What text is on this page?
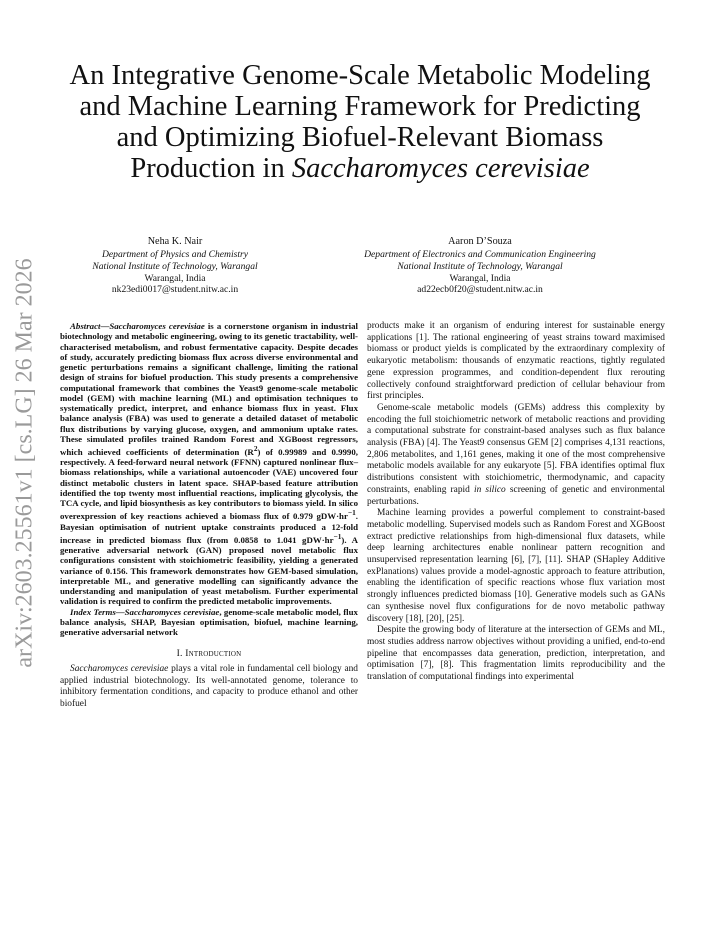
arXiv:2603.25561v1 [cs.LG] 26 Mar 2026
An Integrative Genome-Scale Metabolic Modeling
and Machine Learning Framework for Predicting
and Optimizing Biofuel-Relevant Biomass
Production in Saccharomyces cerevisiae
Neha K. Nair
Department of Physics and Chemistry
National Institute of Technology, Warangal
Warangal, India
nk23edi0017@student.nitw.ac.in
Aaron D’Souza
Department of Electronics and Communication Engineering
National Institute of Technology, Warangal
Warangal, India
ad22ecb0f20@student.nitw.ac.in

Abstract—Saccharomyces cerevisiae is a cornerstone organism in industrial biotechnology and metabolic engineering, owing to its genetic tractability, well-characterised metabolism, and robust fermentative capacity. Despite decades of study, accurately predicting biomass flux across diverse environmental and genetic perturbations remains a significant challenge, limiting the rational design of strains for biofuel production. This study presents a comprehensive computational framework that combines the Yeast9 genome-scale metabolic model (GEM) with machine learning (ML) and optimisation techniques to systematically predict, interpret, and enhance biomass flux in yeast. Flux balance analysis (FBA) was used to generate a detailed dataset of metabolic flux distributions by varying glucose, oxygen, and ammonium uptake rates. These simulated profiles trained Random Forest and XGBoost regressors, which achieved coefficients of determination $(R^2)$ of 0.99989 and 0.9990, respectively. A feed-forward neural network (FFNN) captured nonlinear flux–biomass relationships, while a variational autoencoder (VAE) uncovered four distinct metabolic clusters in latent space. SHAP-based feature attribution identified the top twenty most influential reactions, implicating glycolysis, the TCA cycle, and lipid biosynthesis as key contributors to biomass yield. In silico overexpression of key reactions achieved a biomass flux of 0.979 $gDW\cdot hr^{-1}$. Bayesian optimisation of nutrient uptake constraints produced a 12-fold increase in predicted biomass flux (from 0.0858 to 1.041 $gDW\cdot hr^{-1}$). A generative adversarial network (GAN) proposed novel metabolic flux configurations consistent with stoichiometric feasibility, yielding a generated variance of 0.156. This framework demonstrates how GEM-based simulation, interpretable ML, and generative modelling can significantly advance the understanding and manipulation of yeast metabolism. Further experimental validation is required to confirm the predicted metabolic improvements.

Index Terms—Saccharomyces cerevisiae, genome-scale metabolic model, flux balance analysis, SHAP, Bayesian optimisation, biofuel, machine learning, generative adversarial network

I. Introduction

Saccharomyces cerevisiae plays a vital role in fundamental cell biology and applied industrial biotechnology. Its well-annotated genome, tolerance to inhibitory fermentation conditions, and capacity to produce ethanol and other biofuel

products make it an organism of enduring interest for sustainable energy applications [1]. The rational engineering of yeast strains toward maximised biomass or product yields is complicated by the extraordinary complexity of eukaryotic metabolism: thousands of enzymatic reactions, tightly regulated gene expression programmes, and condition-dependent flux rerouting collectively confound straightforward prediction of cellular behaviour from first principles.

Genome-scale metabolic models (GEMs) address this complexity by encoding the full stoichiometric network of metabolic reactions and providing a computational substrate for constraint-based analyses such as flux balance analysis (FBA) [4]. The Yeast9 consensus GEM [2] comprises 4,131 reactions, 2,806 metabolites, and 1,161 genes, making it one of the most comprehensive metabolic models available for any eukaryote [5]. FBA identifies optimal flux distributions consistent with stoichiometric, thermodynamic, and capacity constraints, enabling rapid in silico screening of genetic and environmental perturbations.

Machine learning provides a powerful complement to constraint-based metabolic modelling. Supervised models such as Random Forest and XGBoost extract predictive relationships from high-dimensional flux datasets, while deep learning architectures enable nonlinear pattern recognition and unsupervised representation learning [6], [7], [11]. SHAP (SHapley Additive exPlanations) values provide a model-agnostic approach to feature attribution, enabling the identification of specific reactions whose flux variation most strongly influences predicted biomass [10]. Generative models such as GANs can synthesise novel flux configurations for de novo metabolic pathway discovery [18], [20], [25].

Despite the growing body of literature at the intersection of GEMs and ML, most studies address narrow objectives without providing a unified, end-to-end pipeline that encompasses data generation, prediction, interpretation, and optimisation [7], [8]. This fragmentation limits reproducibility and the translation of computational findings into experimental
